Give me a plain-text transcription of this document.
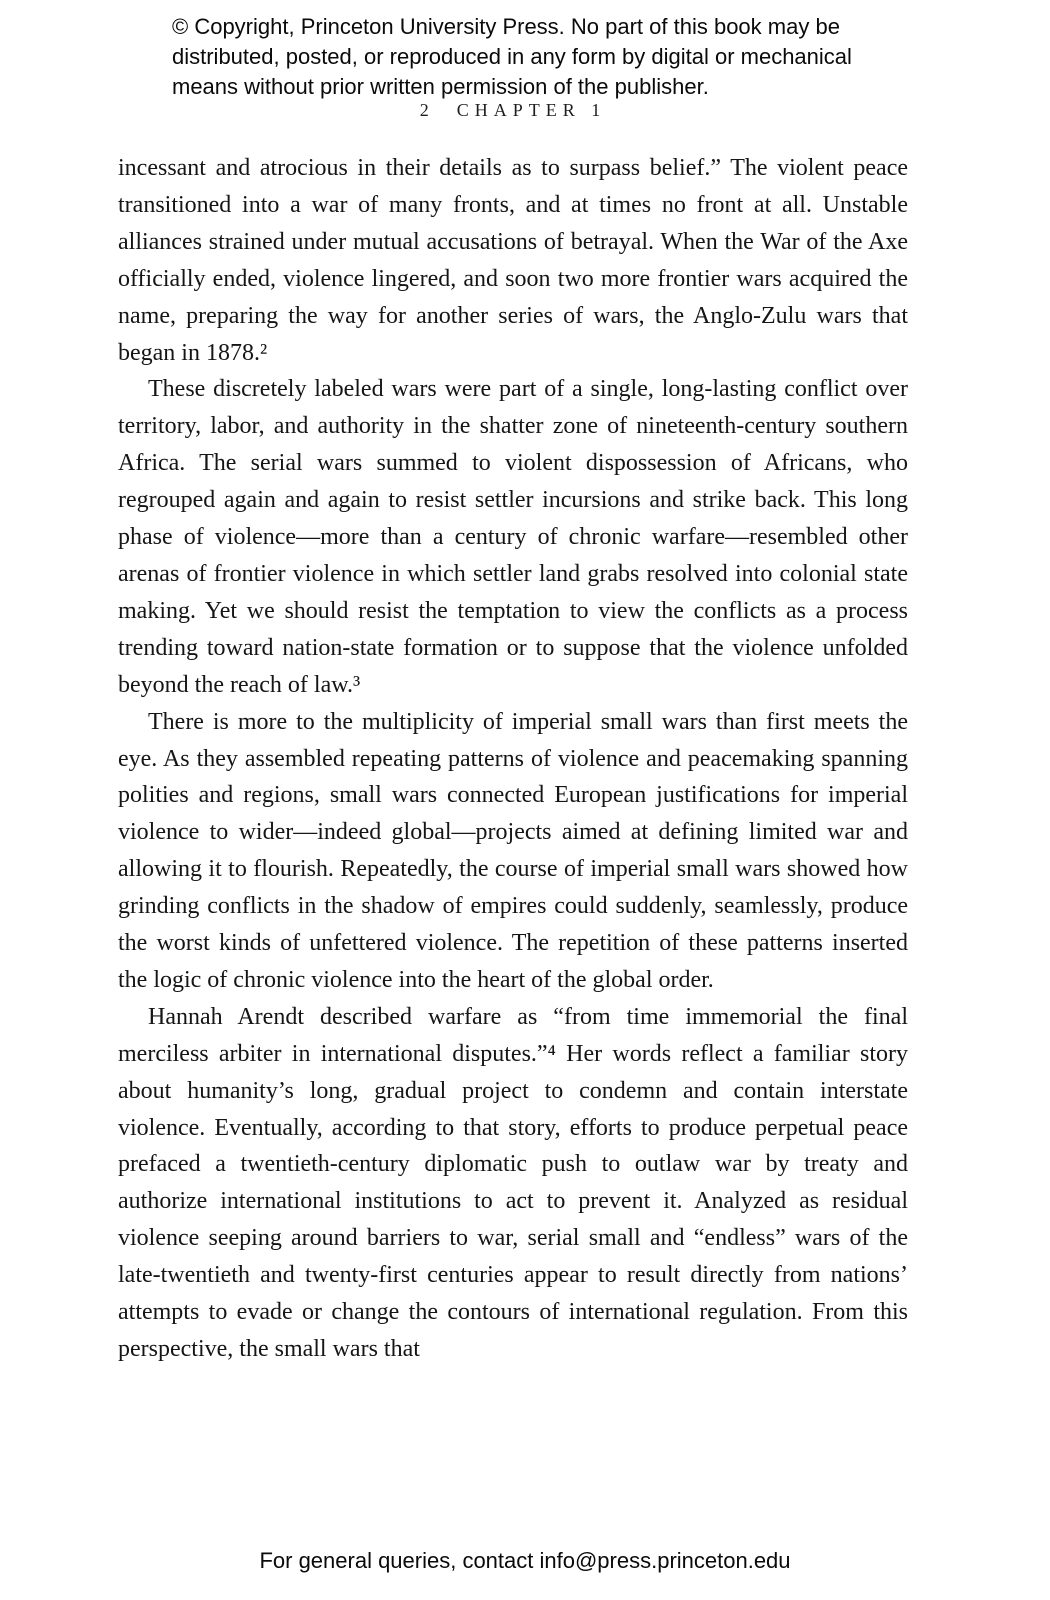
© Copyright, Princeton University Press. No part of this book may be distributed, posted, or reproduced in any form by digital or mechanical means without prior written permission of the publisher.
2 CHAPTER 1

incessant and atrocious in their details as to surpass belief.” The violent peace transitioned into a war of many fronts, and at times no front at all. Unstable alliances strained under mutual accusations of betrayal. When the War of the Axe officially ended, violence lingered, and soon two more frontier wars acquired the name, preparing the way for another series of wars, the Anglo-Zulu wars that began in 1878.²

These discretely labeled wars were part of a single, long-lasting conflict over territory, labor, and authority in the shatter zone of nineteenth-century southern Africa. The serial wars summed to violent dispossession of Africans, who regrouped again and again to resist settler incursions and strike back. This long phase of violence—more than a century of chronic warfare—resembled other arenas of frontier violence in which settler land grabs resolved into colonial state making. Yet we should resist the temptation to view the conflicts as a process trending toward nation-state formation or to suppose that the violence unfolded beyond the reach of law.³

There is more to the multiplicity of imperial small wars than first meets the eye. As they assembled repeating patterns of violence and peacemaking spanning polities and regions, small wars connected European justifications for imperial violence to wider—indeed global—projects aimed at defining limited war and allowing it to flourish. Repeatedly, the course of imperial small wars showed how grinding conflicts in the shadow of empires could suddenly, seamlessly, produce the worst kinds of unfettered violence. The repetition of these patterns inserted the logic of chronic violence into the heart of the global order.

Hannah Arendt described warfare as “from time immemorial the final merciless arbiter in international disputes.”⁴ Her words reflect a familiar story about humanity’s long, gradual project to condemn and contain interstate violence. Eventually, according to that story, efforts to produce perpetual peace prefaced a twentieth-century diplomatic push to outlaw war by treaty and authorize international institutions to act to prevent it. Analyzed as residual violence seeping around barriers to war, serial small and “endless” wars of the late-twentieth and twenty-first centuries appear to result directly from nations’ attempts to evade or change the contours of international regulation. From this perspective, the small wars that

For general queries, contact info@press.princeton.edu
